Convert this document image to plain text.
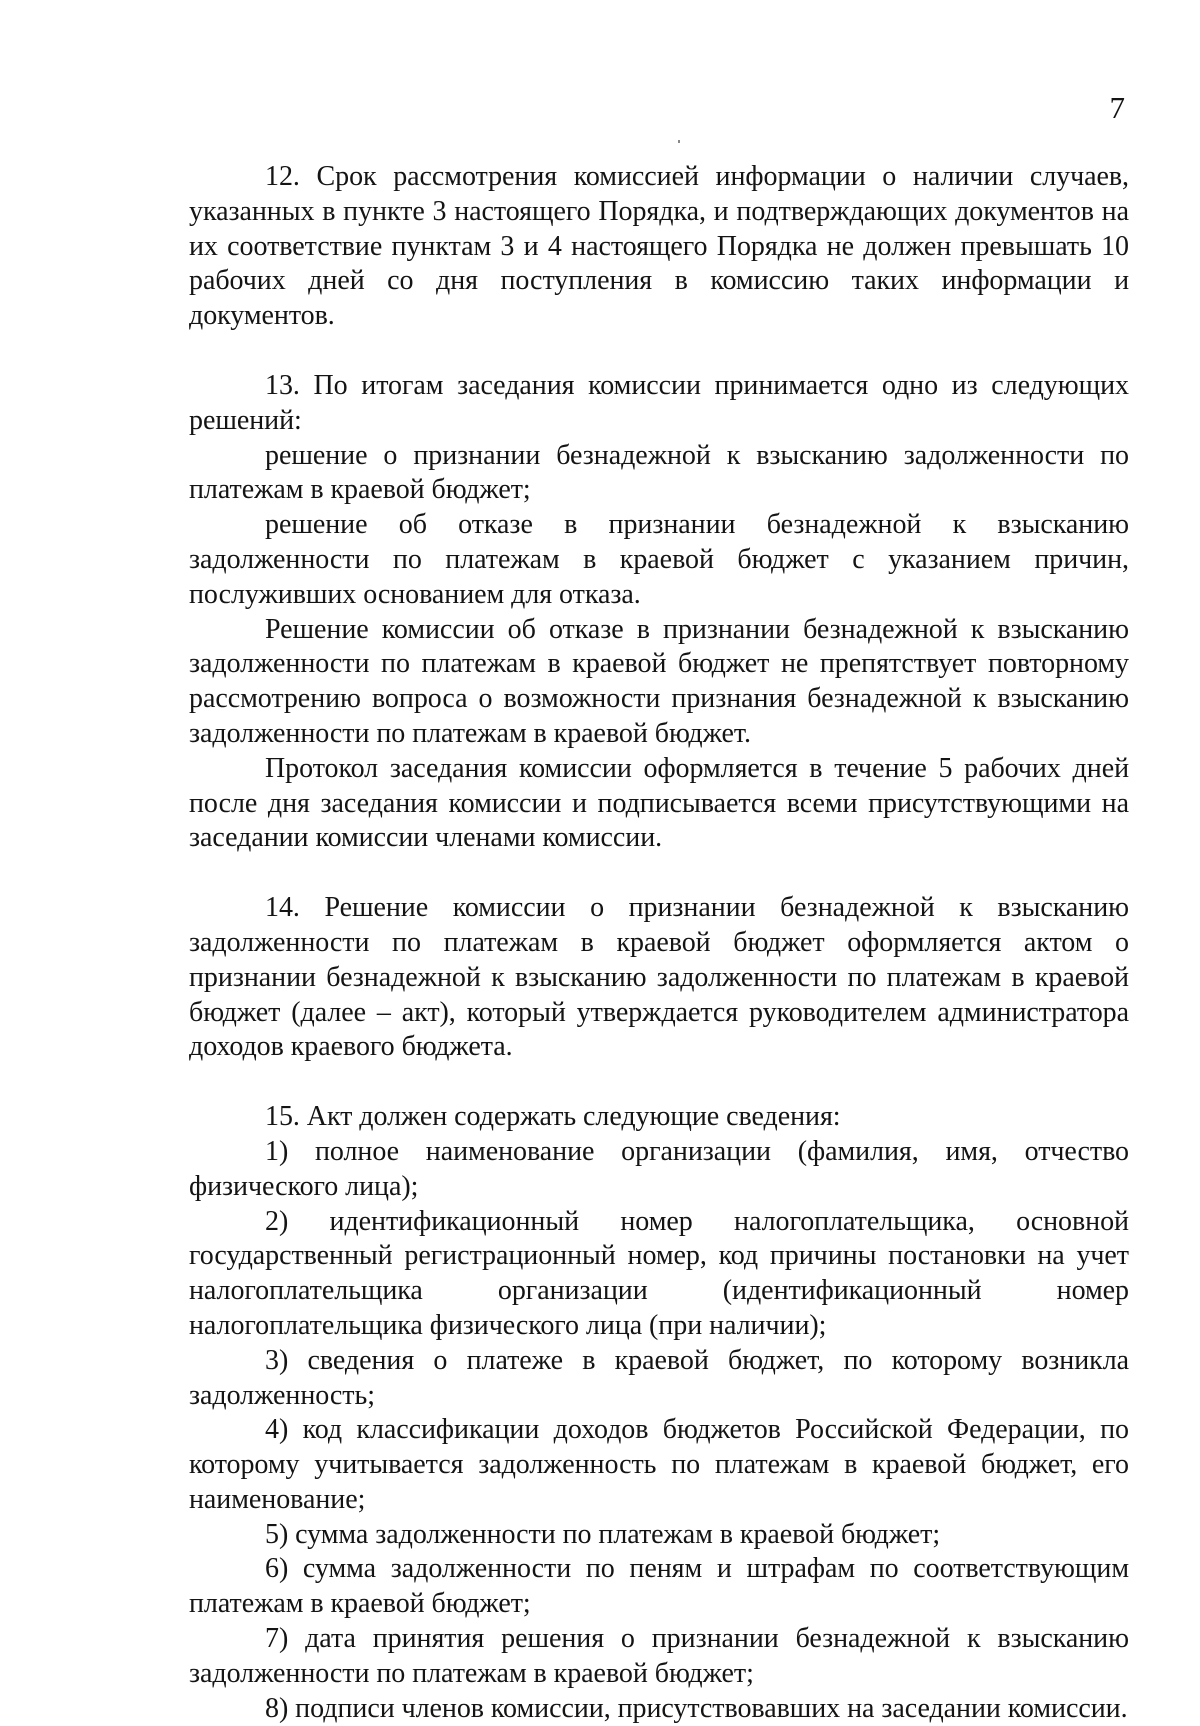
7

12. Срок рассмотрения комиссией информации о наличии случаев, указанных в пункте 3 настоящего Порядка, и подтверждающих документов на их соответствие пунктам 3 и 4 настоящего Порядка не должен превышать 10 рабочих дней со дня поступления в комиссию таких информации и документов.

13. По итогам заседания комиссии принимается одно из следующих решений:

решение о признании безнадежной к взысканию задолженности по платежам в краевой бюджет;

решение об отказе в признании безнадежной к взысканию задолженности по платежам в краевой бюджет с указанием причин, послуживших основанием для отказа.

Решение комиссии об отказе в признании безнадежной к взысканию задолженности по платежам в краевой бюджет не препятствует повторному рассмотрению вопроса о возможности признания безнадежной к взысканию задолженности по платежам в краевой бюджет.

Протокол заседания комиссии оформляется в течение 5 рабочих дней после дня заседания комиссии и подписывается всеми присутствующими на заседании комиссии членами комиссии.

14. Решение комиссии о признании безнадежной к взысканию задолженности по платежам в краевой бюджет оформляется актом о признании безнадежной к взысканию задолженности по платежам в краевой бюджет (далее – акт), который утверждается руководителем администратора доходов краевого бюджета.

15. Акт должен содержать следующие сведения:

1) полное наименование организации (фамилия, имя, отчество физического лица);

2) идентификационный номер налогоплательщика, основной государственный регистрационный номер, код причины постановки на учет налогоплательщика организации (идентификационный номер налогоплательщика физического лица (при наличии);

3) сведения о платеже в краевой бюджет, по которому возникла задолженность;

4) код классификации доходов бюджетов Российской Федерации, по которому учитывается задолженность по платежам в краевой бюджет, его наименование;

5) сумма задолженности по платежам в краевой бюджет;

6) сумма задолженности по пеням и штрафам по соответствующим платежам в краевой бюджет;

7) дата принятия решения о признании безнадежной к взысканию задолженности по платежам в краевой бюджет;

8) подписи членов комиссии, присутствовавших на заседании комиссии.
